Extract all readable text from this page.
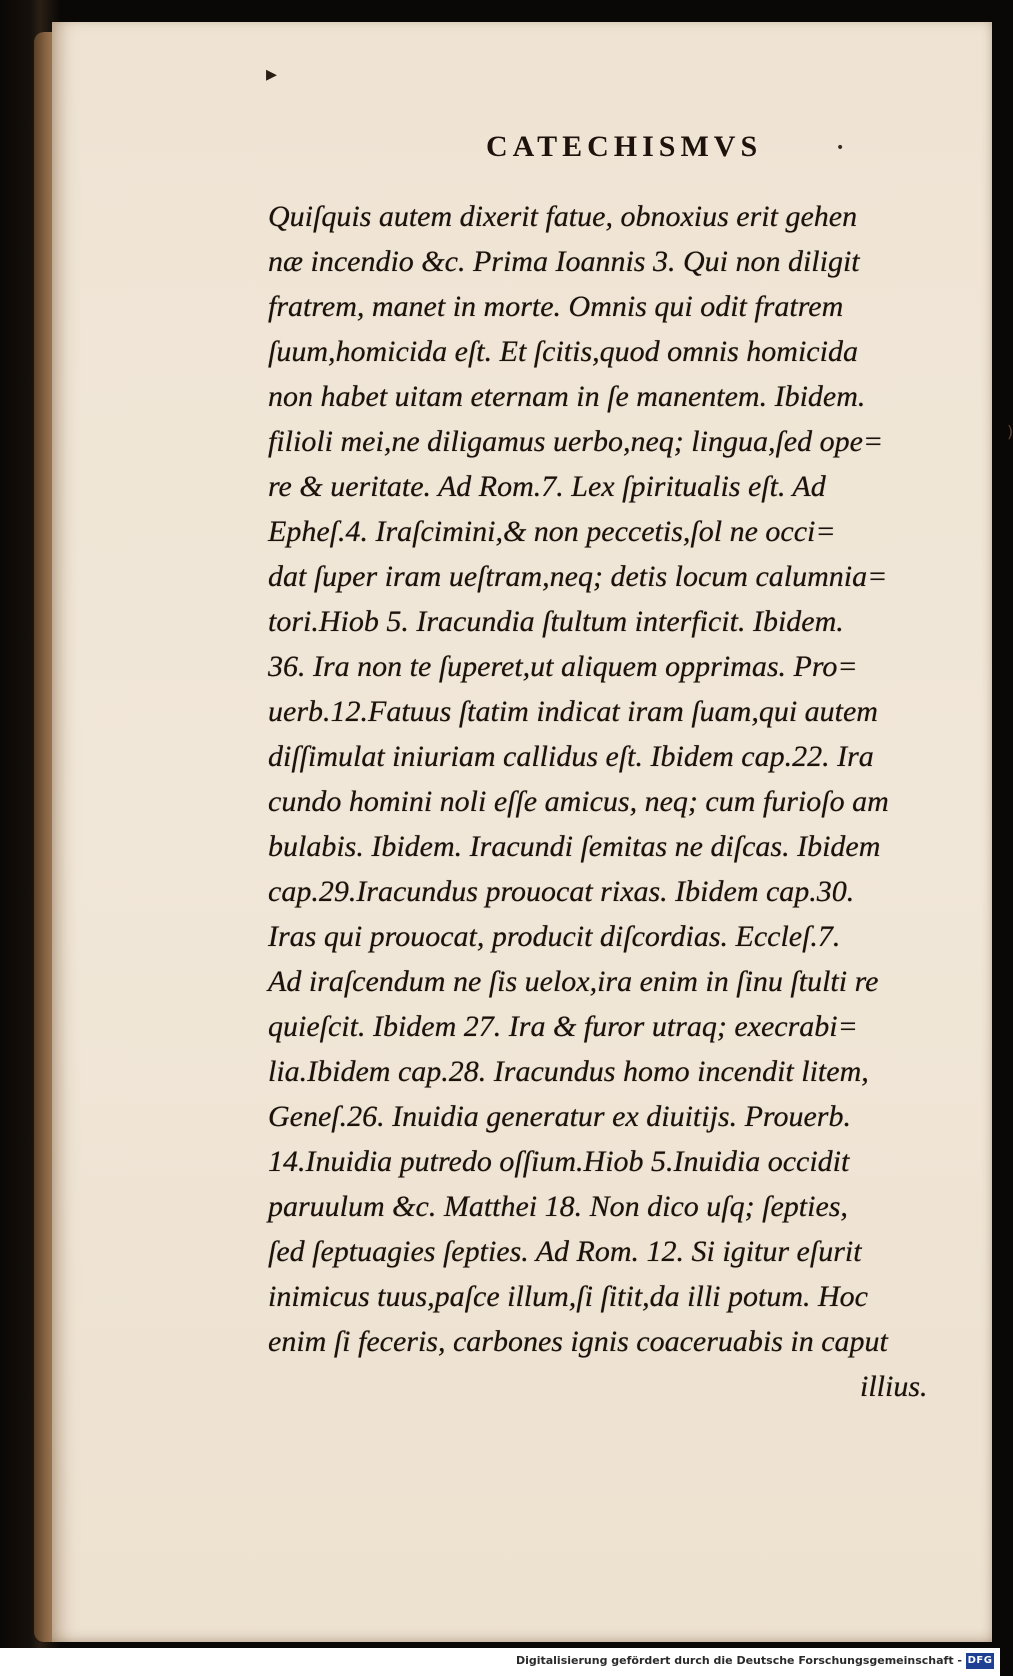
▸
CATECHISMVS	•
)
Quiſquis autem dixerit fatue, obnoxius erit gehen
næ incendio &c. Prima Ioannis 3. Qui non diligit
fratrem, manet in morte. Omnis qui odit fratrem
ſuum,homicida eſt. Et ſcitis,quod omnis homicida
non habet uitam eternam in ſe manentem. Ibidem.
filioli mei,ne diligamus uerbo,neq; lingua,ſed ope=
re & ueritate. Ad Rom.7. Lex ſpiritualis eſt. Ad
Epheſ.4. Iraſcimini,& non peccetis,ſol ne occi=
dat ſuper iram ueſtram,neq; detis locum calumnia=
tori.Hiob 5. Iracundia ſtultum interficit. Ibidem.
36. Ira non te ſuperet,ut aliquem opprimas. Pro=
uerb.12.Fatuus ſtatim indicat iram ſuam,qui autem
diſſimulat iniuriam callidus eſt. Ibidem cap.22. Ira
cundo homini noli eſſe amicus, neq; cum furioſo am
bulabis. Ibidem. Iracundi ſemitas ne diſcas. Ibidem
cap.29.Iracundus prouocat rixas. Ibidem cap.30.
Iras qui prouocat, producit diſcordias. Eccleſ.7.
Ad iraſcendum ne ſis uelox,ira enim in ſinu ſtulti re
quieſcit. Ibidem 27. Ira & furor utraq; execrabi=
lia.Ibidem cap.28. Iracundus homo incendit litem,
Geneſ.26. Inuidia generatur ex diuitijs. Prouerb.
14.Inuidia putredo oſſium.Hiob 5.Inuidia occidit
paruulum &c. Matthei 18. Non dico uſq; ſepties,
ſed ſeptuagies ſepties. Ad Rom. 12. Si igitur eſurit
inimicus tuus,paſce illum,ſi ſitit,da illi potum. Hoc
enim ſi feceris, carbones ignis coaceruabis in caput
illius.
Digitalisierung gefördert durch die Deutsche Forschungsgemeinschaft - DFG
